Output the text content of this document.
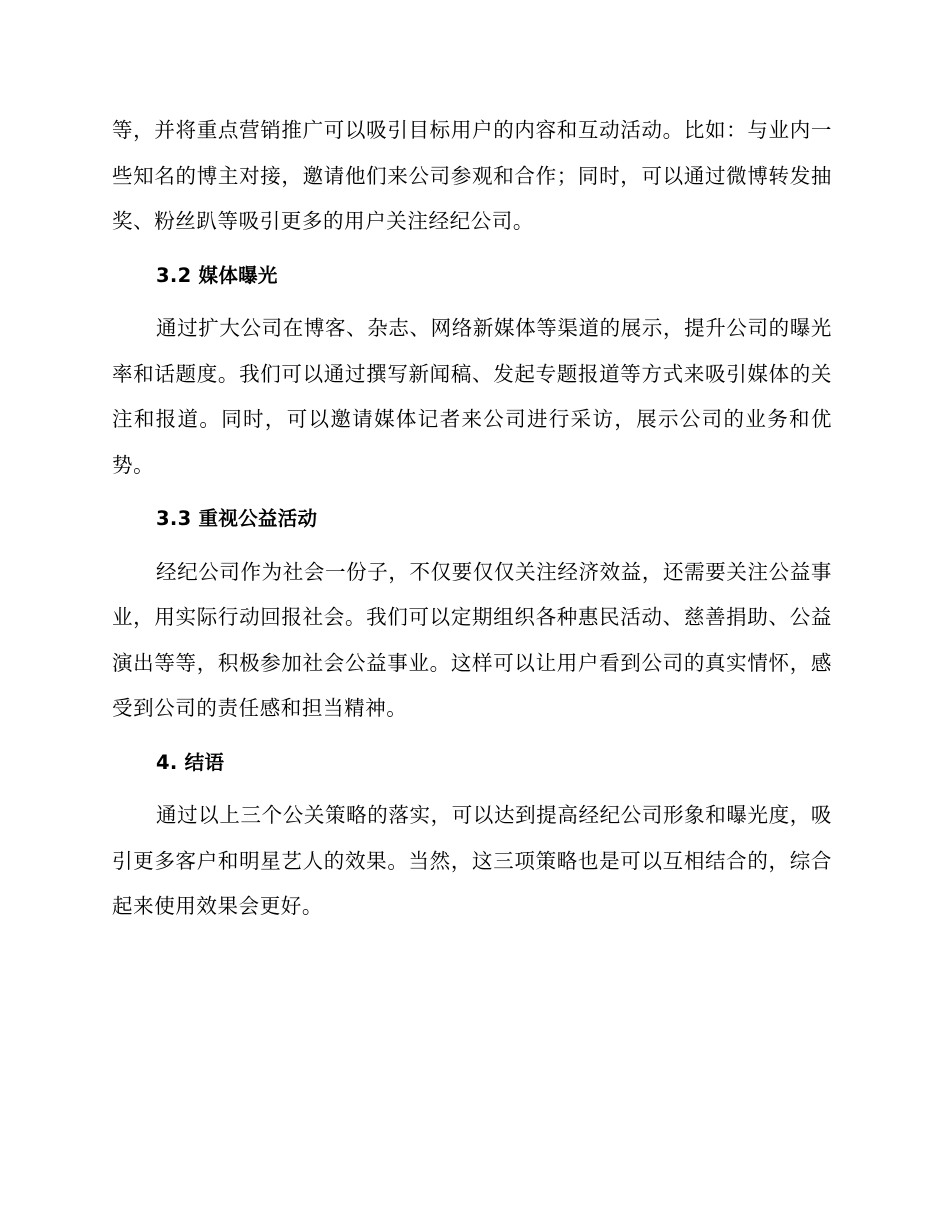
等，并将重点营销推广可以吸引目标用户的内容和互动活动。比如：与业内一些知名的博主对接，邀请他们来公司参观和合作；同时，可以通过微博转发抽奖、粉丝趴等吸引更多的用户关注经纪公司。

3.2 媒体曝光

通过扩大公司在博客、杂志、网络新媒体等渠道的展示，提升公司的曝光率和话题度。我们可以通过撰写新闻稿、发起专题报道等方式来吸引媒体的关注和报道。同时，可以邀请媒体记者来公司进行采访，展示公司的业务和优势。

3.3 重视公益活动

经纪公司作为社会一份子，不仅要仅仅关注经济效益，还需要关注公益事业，用实际行动回报社会。我们可以定期组织各种惠民活动、慈善捐助、公益演出等等，积极参加社会公益事业。这样可以让用户看到公司的真实情怀，感受到公司的责任感和担当精神。

4. 结语

通过以上三个公关策略的落实，可以达到提高经纪公司形象和曝光度，吸引更多客户和明星艺人的效果。当然，这三项策略也是可以互相结合的，综合起来使用效果会更好。
